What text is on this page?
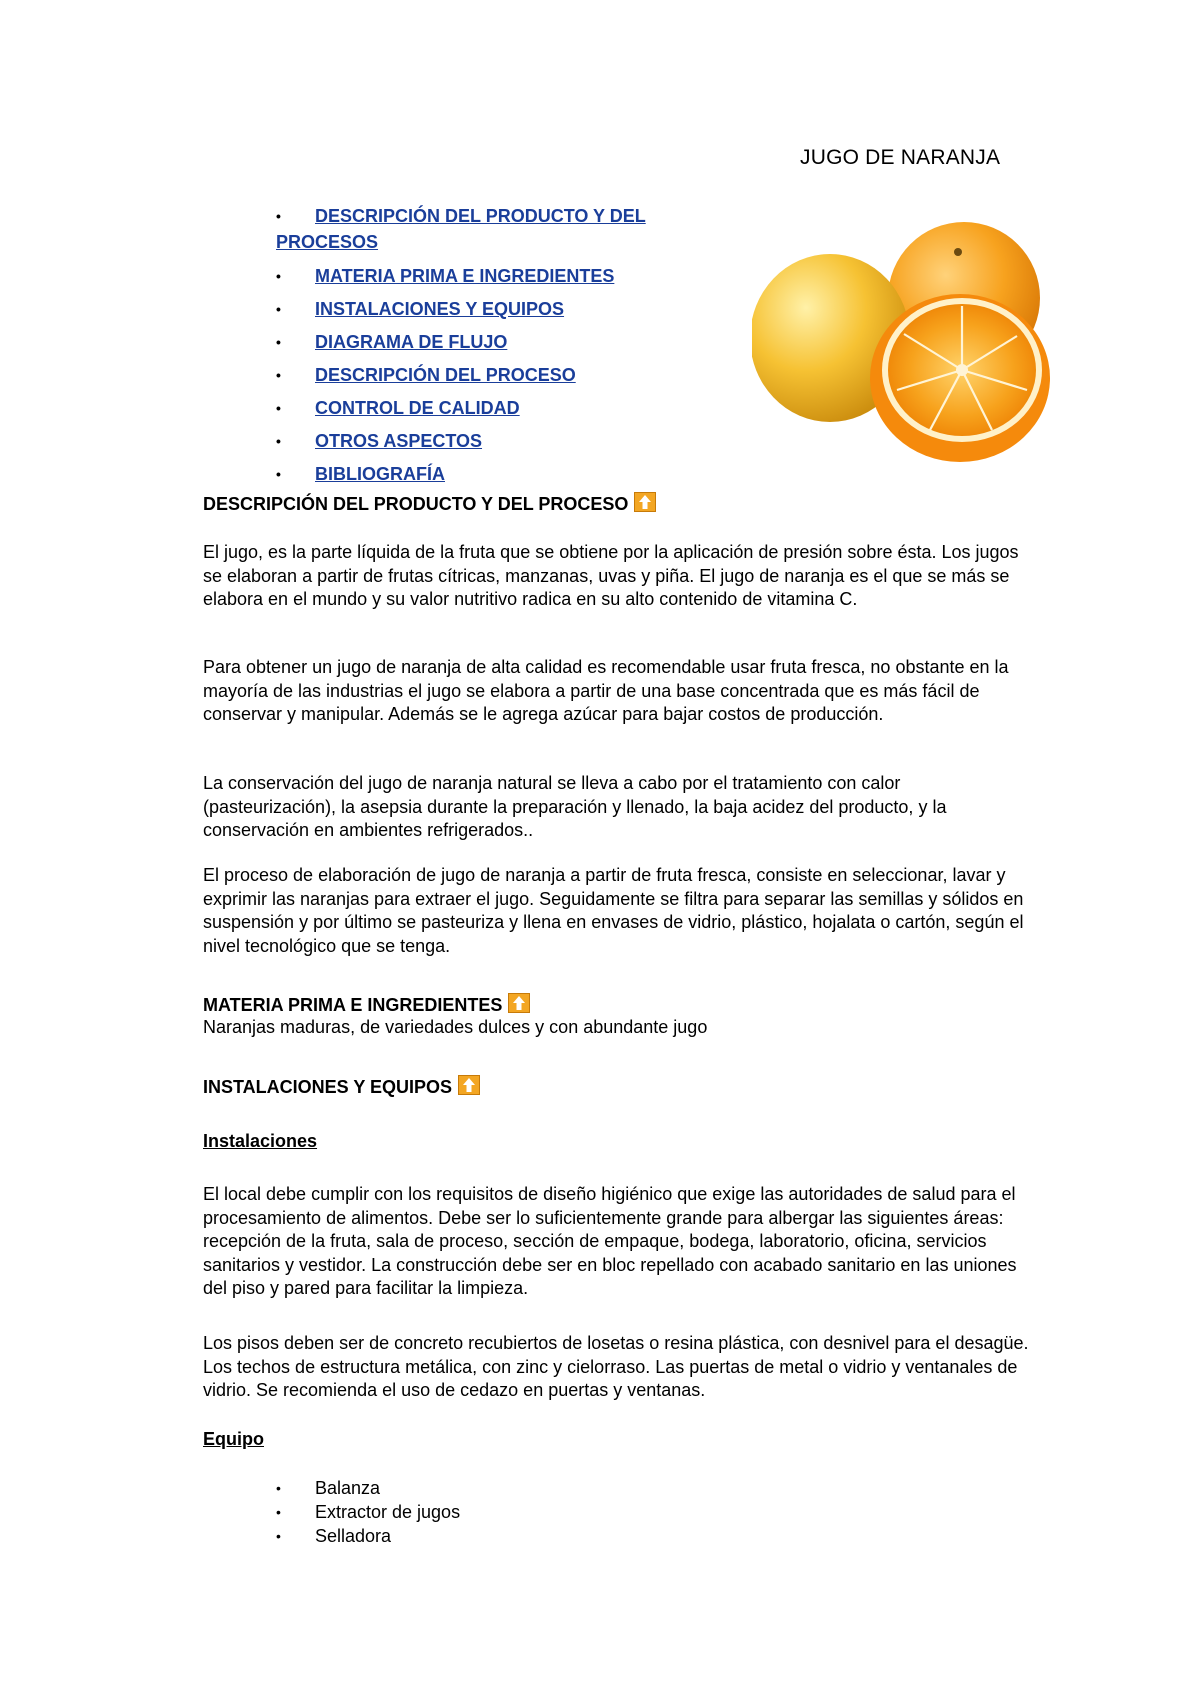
JUGO DE NARANJA
• DESCRIPCIÓN DEL PRODUCTO Y DEL
PROCESOS
• MATERIA PRIMA E INGREDIENTES
• INSTALACIONES Y EQUIPOS
• DIAGRAMA DE FLUJO
• DESCRIPCIÓN DEL PROCESO
• CONTROL DE CALIDAD
• OTROS ASPECTOS
• BIBLIOGRAFÍA
DESCRIPCIÓN DEL PRODUCTO Y DEL PROCESO
El jugo, es la parte líquida de la fruta que se obtiene por la aplicación de presión sobre ésta. Los jugos se elaboran a partir de frutas cítricas, manzanas, uvas y piña. El jugo de naranja es el que se más se elabora en el mundo y su valor nutritivo radica en su alto contenido de vitamina C.
Para obtener un jugo de naranja de alta calidad es recomendable usar fruta fresca, no obstante en la mayoría de las industrias el jugo se elabora a partir de una base concentrada que es más fácil de conservar y manipular. Además se le agrega azúcar para bajar costos de producción.
La conservación del jugo de naranja natural se lleva a cabo por el tratamiento con calor (pasteurización), la asepsia durante la preparación y llenado, la baja acidez del producto, y la conservación en ambientes refrigerados..
El proceso de elaboración de jugo de naranja a partir de fruta fresca, consiste en seleccionar, lavar y exprimir las naranjas para extraer el jugo. Seguidamente se filtra para separar las semillas y sólidos en suspensión y por último se pasteuriza y llena en envases de vidrio, plástico, hojalata o cartón, según el nivel tecnológico que se tenga.
MATERIA PRIMA E INGREDIENTES
Naranjas maduras, de variedades dulces y con abundante jugo
INSTALACIONES Y EQUIPOS
Instalaciones
El local debe cumplir con los requisitos de diseño higiénico que exige las autoridades de salud para el procesamiento de alimentos. Debe ser lo suficientemente grande para albergar las siguientes áreas: recepción de la fruta, sala de proceso, sección de empaque, bodega, laboratorio, oficina, servicios sanitarios y vestidor. La construcción debe ser en bloc repellado con acabado sanitario en las uniones del piso y pared para facilitar la limpieza.
Los pisos deben ser de concreto recubiertos de losetas o resina plástica, con desnivel para el desagüe. Los techos de estructura metálica, con zinc y cielorraso. Las puertas de metal o vidrio y ventanales de vidrio. Se recomienda el uso de cedazo en puertas y ventanas.
Equipo
• Balanza
• Extractor de jugos
• Selladora
